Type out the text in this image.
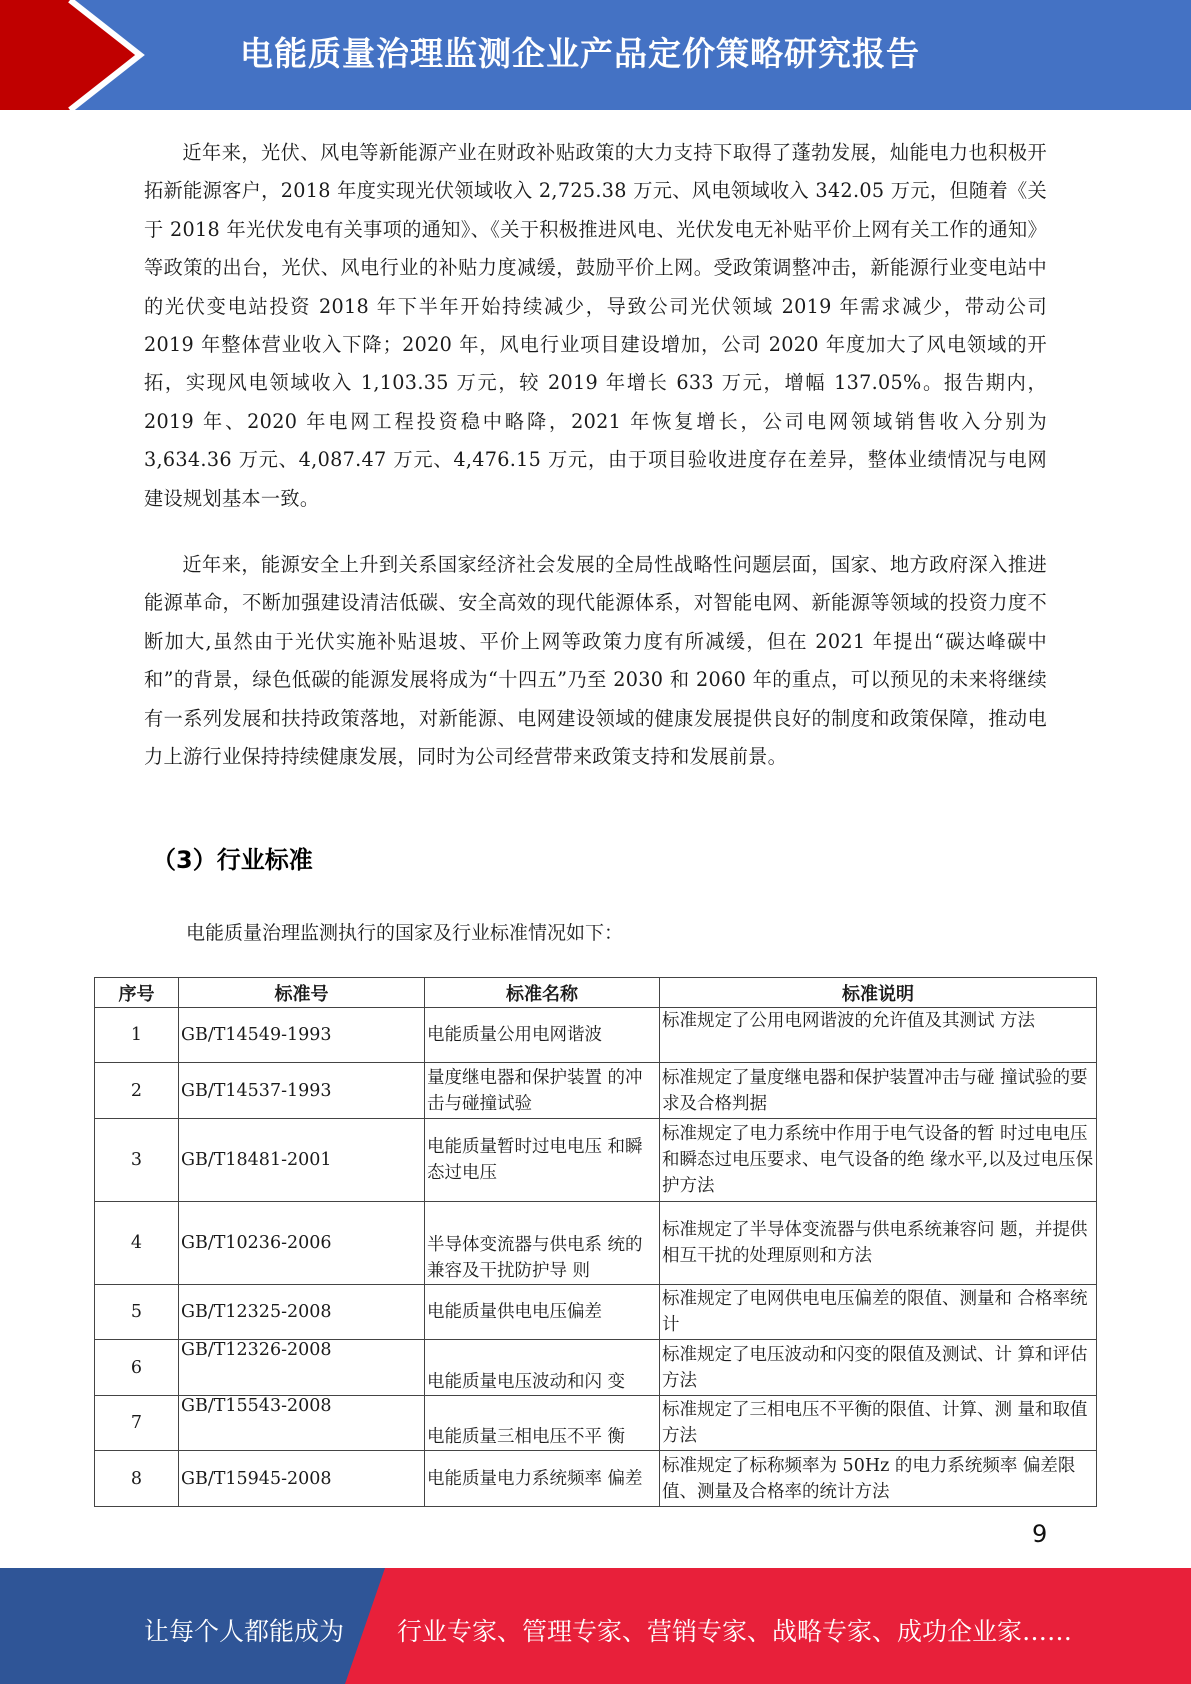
电能质量治理监测企业产品定价策略研究报告

近年来，光伏、风电等新能源产业在财政补贴政策的大力支持下取得了蓬勃发展，灿能电力也积极开拓新能源客户，2018 年度实现光伏领域收入 2,725.38 万元、风电领域收入 342.05 万元，但随着《关于 2018 年光伏发电有关事项的通知》、《关于积极推进风电、光伏发电无补贴平价上网有关工作的通知》等政策的出台，光伏、风电行业的补贴力度减缓，鼓励平价上网。受政策调整冲击，新能源行业变电站中的光伏变电站投资 2018 年下半年开始持续减少，导致公司光伏领域 2019 年需求减少，带动公司 2019 年整体营业收入下降；2020 年，风电行业项目建设增加，公司 2020 年度加大了风电领域的开拓，实现风电领域收入 1,103.35 万元，较 2019 年增长 633 万元，增幅 137.05%。报告期内，2019 年、2020 年电网工程投资稳中略降，2021 年恢复增长，公司电网领域销售收入分别为 3,634.36 万元、4,087.47 万元、4,476.15 万元，由于项目验收进度存在差异，整体业绩情况与电网建设规划基本一致。

近年来，能源安全上升到关系国家经济社会发展的全局性战略性问题层面，国家、地方政府深入推进能源革命，不断加强建设清洁低碳、安全高效的现代能源体系，对智能电网、新能源等领域的投资力度不断加大,虽然由于光伏实施补贴退坡、平价上网等政策力度有所减缓，但在 2021 年提出“碳达峰碳中和”的背景，绿色低碳的能源发展将成为“十四五”乃至 2030 和 2060 年的重点，可以预见的未来将继续有一系列发展和扶持政策落地，对新能源、电网建设领域的健康发展提供良好的制度和政策保障，推动电力上游行业保持持续健康发展，同时为公司经营带来政策支持和发展前景。

（3）行业标准
电能质量治理监测执行的国家及行业标准情况如下：
序号	标准号	标准名称	标准说明
1	GB/T14549-1993	电能质量公用电网谐波	标准规定了公用电网谐波的允许值及其测试 方法
2	GB/T14537-1993	量度继电器和保护装置 的冲击与碰撞试验	标准规定了量度继电器和保护装置冲击与碰 撞试验的要求及合格判据
3	GB/T18481-2001	电能质量暂时过电电压 和瞬态过电压	标准规定了电力系统中作用于电气设备的暂 时过电电压和瞬态过电压要求、电气设备的绝 缘水平,以及过电压保护方法
4	GB/T10236-2006	半导体变流器与供电系 统的兼容及干扰防护导 则	标准规定了半导体变流器与供电系统兼容问 题，并提供相互干扰的处理原则和方法
5	GB/T12325-2008	电能质量供电电压偏差	标准规定了电网供电电压偏差的限值、测量和 合格率统计
6	GB/T12326-2008	电能质量电压波动和闪 变	标准规定了电压波动和闪变的限值及测试、计 算和评估方法
7	GB/T15543-2008	电能质量三相电压不平 衡	标准规定了三相电压不平衡的限值、计算、测 量和取值方法
8	GB/T15945-2008	电能质量电力系统频率 偏差	标准规定了标称频率为 50Hz 的电力系统频率 偏差限值、测量及合格率的统计方法
9
让每个人都能成为 行业专家、管理专家、营销专家、战略专家、成功企业家……
